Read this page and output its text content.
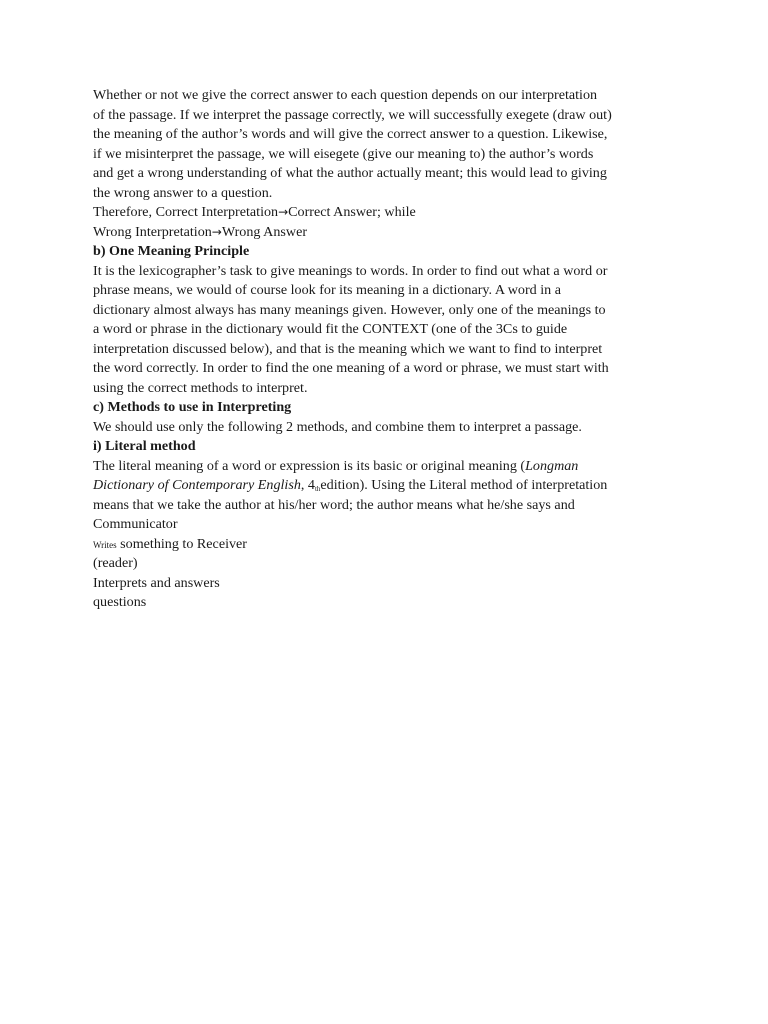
Whether or not we give the correct answer to each question depends on our interpretation
of the passage. If we interpret the passage correctly, we will successfully exegete (draw out)
the meaning of the author’s words and will give the correct answer to a question. Likewise,
if we misinterpret the passage, we will eisegete (give our meaning to) the author’s words
and get a wrong understanding of what the author actually meant; this would lead to giving
the wrong answer to a question.
Therefore, Correct Interpretation→Correct Answer; while
Wrong Interpretation→Wrong Answer
b) One Meaning Principle
It is the lexicographer’s task to give meanings to words. In order to find out what a word or
phrase means, we would of course look for its meaning in a dictionary. A word in a
dictionary almost always has many meanings given. However, only one of the meanings to
a word or phrase in the dictionary would fit the CONTEXT (one of the 3Cs to guide
interpretation discussed below), and that is the meaning which we want to find to interpret
the word correctly. In order to find the one meaning of a word or phrase, we must start with
using the correct methods to interpret.
c) Methods to use in Interpreting
We should use only the following 2 methods, and combine them to interpret a passage.
i) Literal method
The literal meaning of a word or expression is its basic or original meaning (Longman
Dictionary of Contemporary English, 4thedition). Using the Literal method of interpretation
means that we take the author at his/her word; the author means what he/she says and
Communicator
Writes something to Receiver
(reader)
Interprets and answers
questions
